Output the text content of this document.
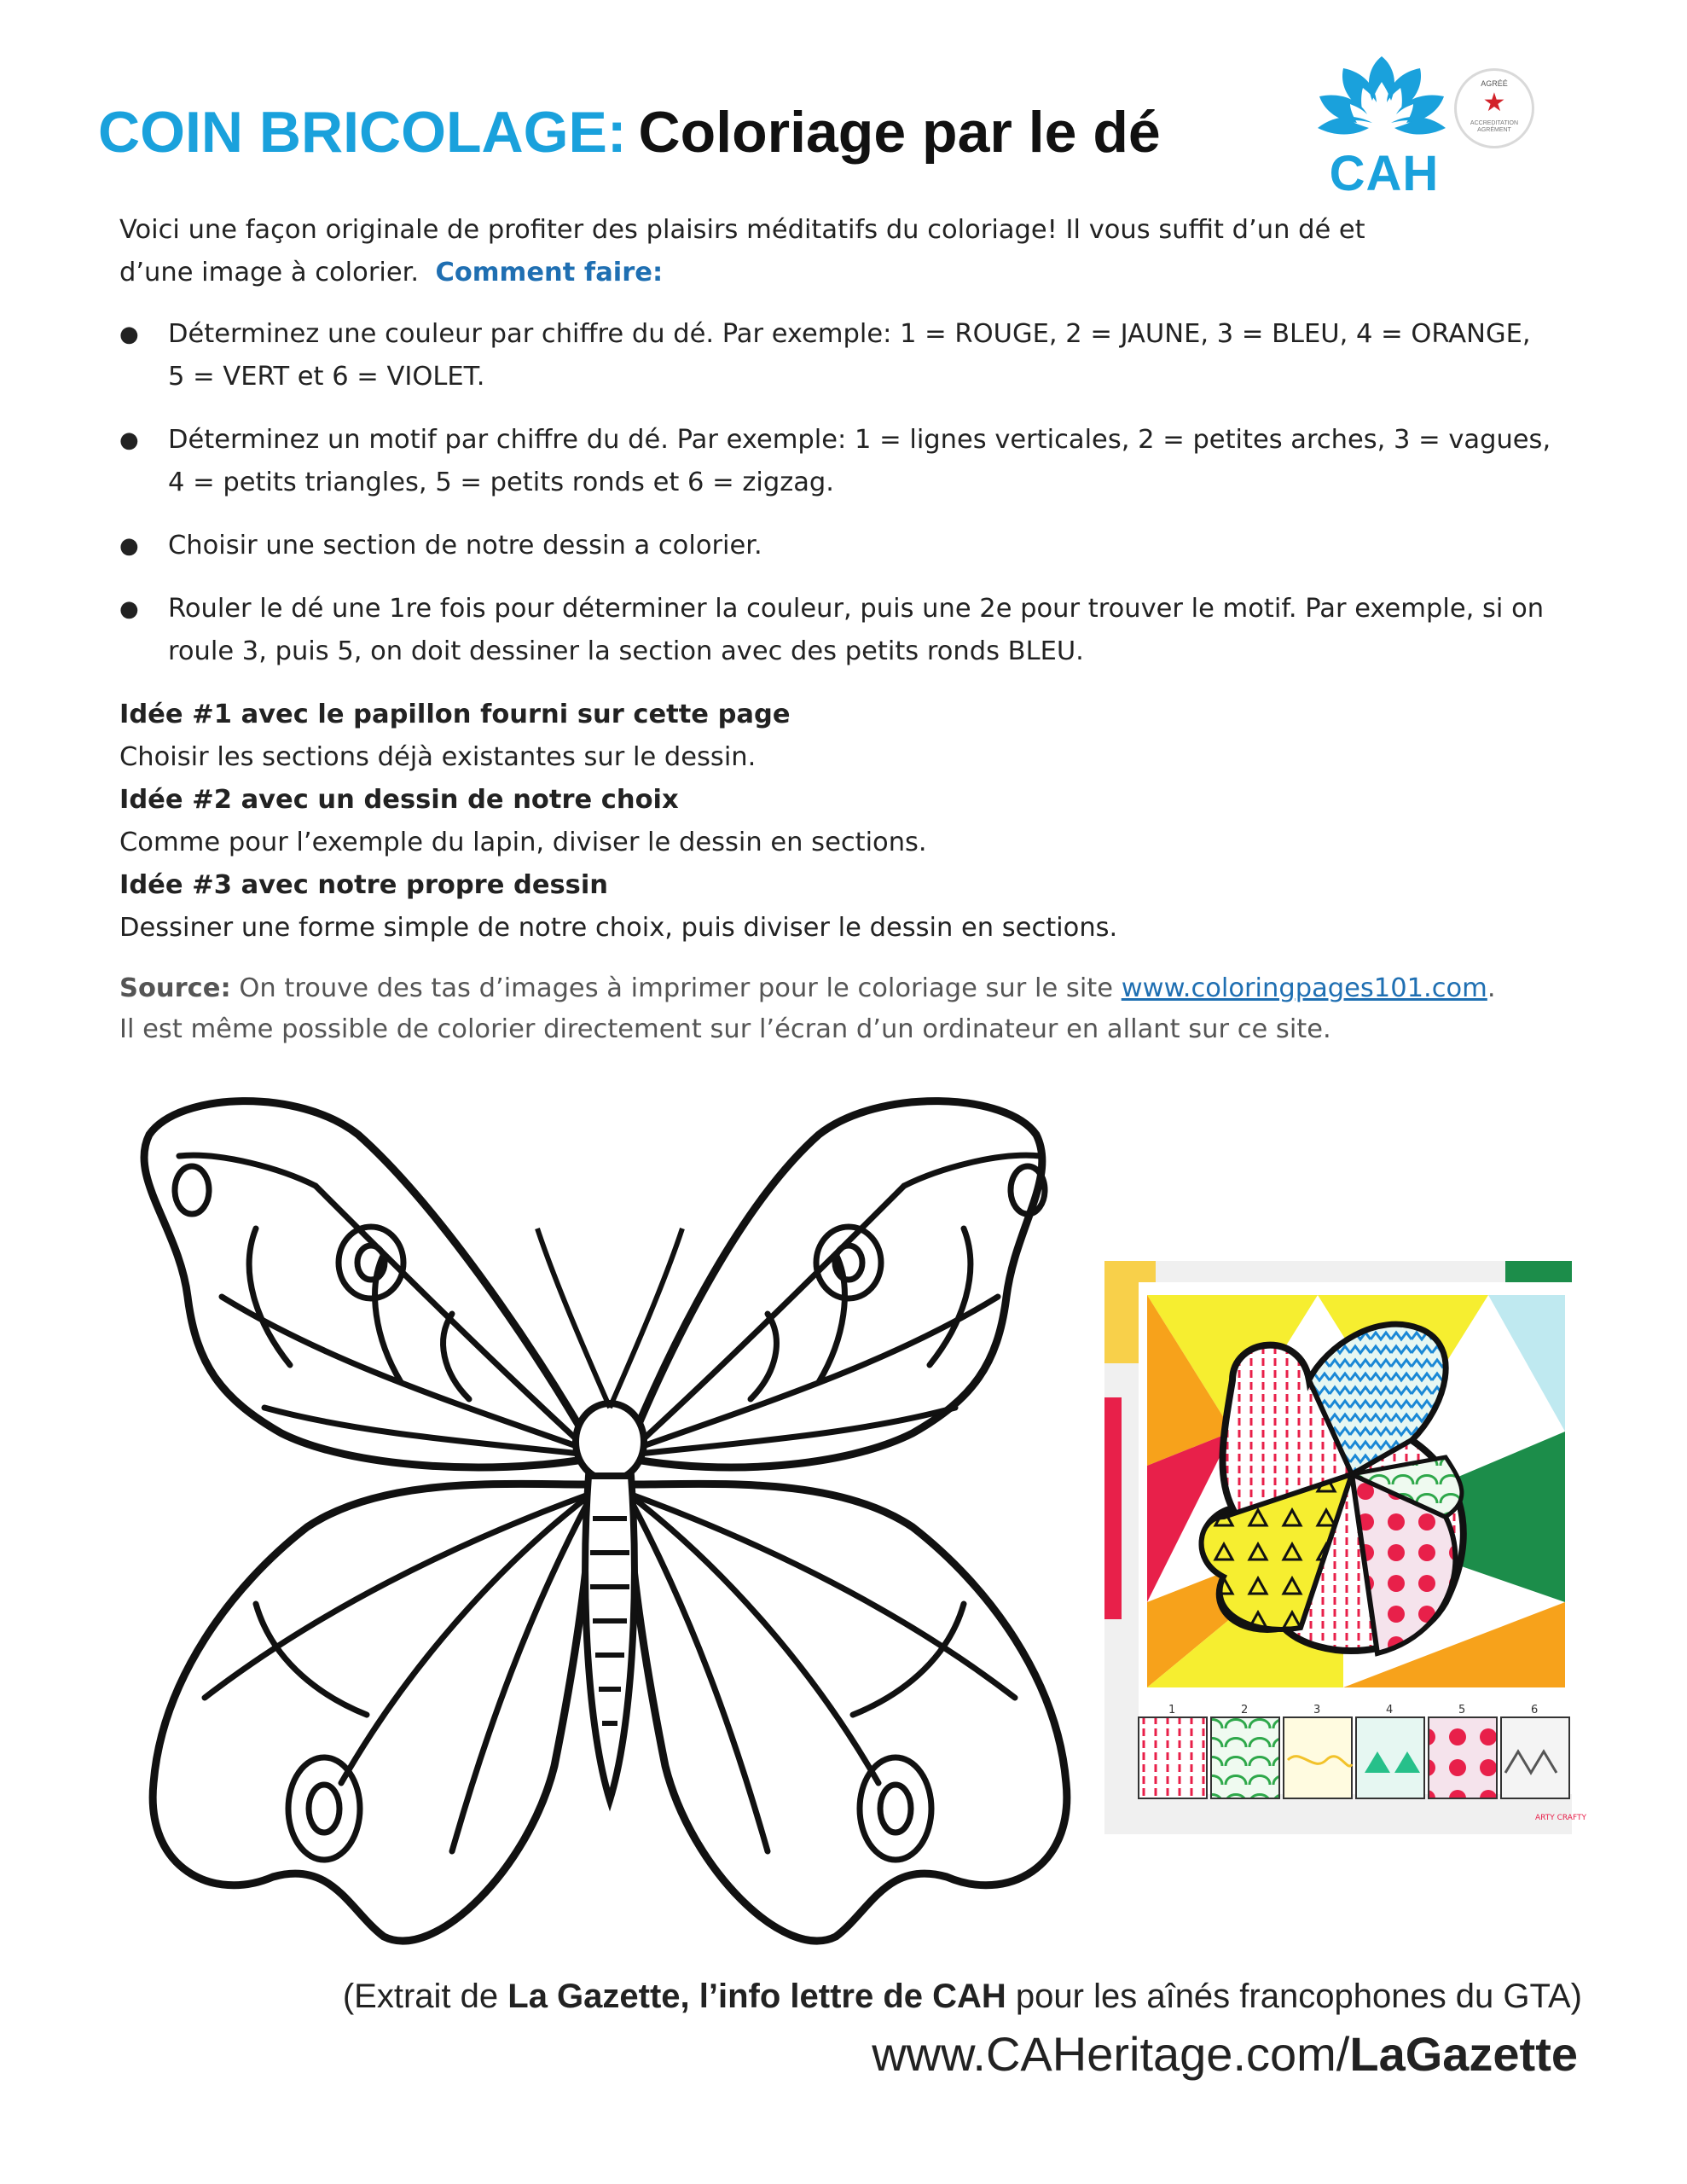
COIN BRICOLAGE: Coloriage par le dé
CAH
AGRÉÉ
★
ACCREDITATION AGRÉMENT

Voici une façon originale de profiter des plaisirs méditatifs du coloriage! Il vous suffit d’un dé et
d’une image à colorier. Comment faire:

● Déterminez une couleur par chiffre du dé. Par exemple: 1 = ROUGE, 2 = JAUNE, 3 = BLEU, 4 = ORANGE,
5 = VERT et 6 = VIOLET.
● Déterminez un motif par chiffre du dé. Par exemple: 1 = lignes verticales, 2 = petites arches, 3 = vagues,
4 = petits triangles, 5 = petits ronds et 6 = zigzag.
● Choisir une section de notre dessin a colorier.
● Rouler le dé une 1re fois pour déterminer la couleur, puis une 2e pour trouver le motif. Par exemple, si on
roule 3, puis 5, on doit dessiner la section avec des petits ronds BLEU.
Idée #1 avec le papillon fourni sur cette page
Choisir les sections déjà existantes sur le dessin.
Idée #2 avec un dessin de notre choix
Comme pour l’exemple du lapin, diviser le dessin en sections.
Idée #3 avec notre propre dessin
Dessiner une forme simple de notre choix, puis diviser le dessin en sections.
Source: On trouve des tas d’images à imprimer pour le coloriage sur le site www.coloringpages101.com.
Il est même possible de colorier directement sur l’écran d’un ordinateur en allant sur ce site.
1	2	3	4	5	6
ARTY CRAFTY
(Extrait de La Gazette, l’info lettre de CAH pour les aînés francophones du GTA)
www.CAHeritage.com/LaGazette
